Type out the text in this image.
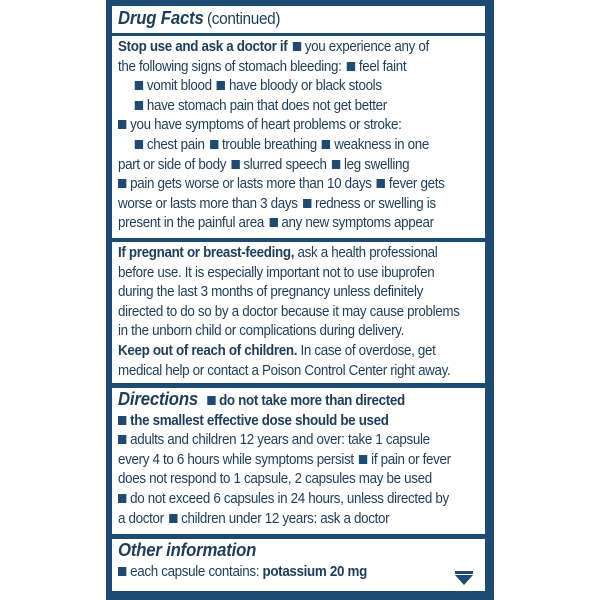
Drug Facts (continued)
Stop use and ask a doctor if you experience any of
the following signs of stomach bleeding: feel faint
vomit blood have bloody or black stools
have stomach pain that does not get better
you have symptoms of heart problems or stroke:
chest pain trouble breathing weakness in one
part or side of body slurred speech leg swelling
pain gets worse or lasts more than 10 days fever gets
worse or lasts more than 3 days redness or swelling is
present in the painful area any new symptoms appear
If pregnant or breast-feeding, ask a health professional
before use. It is especially important not to use ibuprofen
during the last 3 months of pregnancy unless definitely
directed to do so by a doctor because it may cause problems
in the unborn child or complications during delivery.
Keep out of reach of children. In case of overdose, get
medical help or contact a Poison Control Center right away.
Directions do not take more than directed
the smallest effective dose should be used
adults and children 12 years and over: take 1 capsule
every 4 to 6 hours while symptoms persist if pain or fever
does not respond to 1 capsule, 2 capsules may be used
do not exceed 6 capsules in 24 hours, unless directed by
a doctor children under 12 years: ask a doctor
Other information
each capsule contains: potassium 20 mg
